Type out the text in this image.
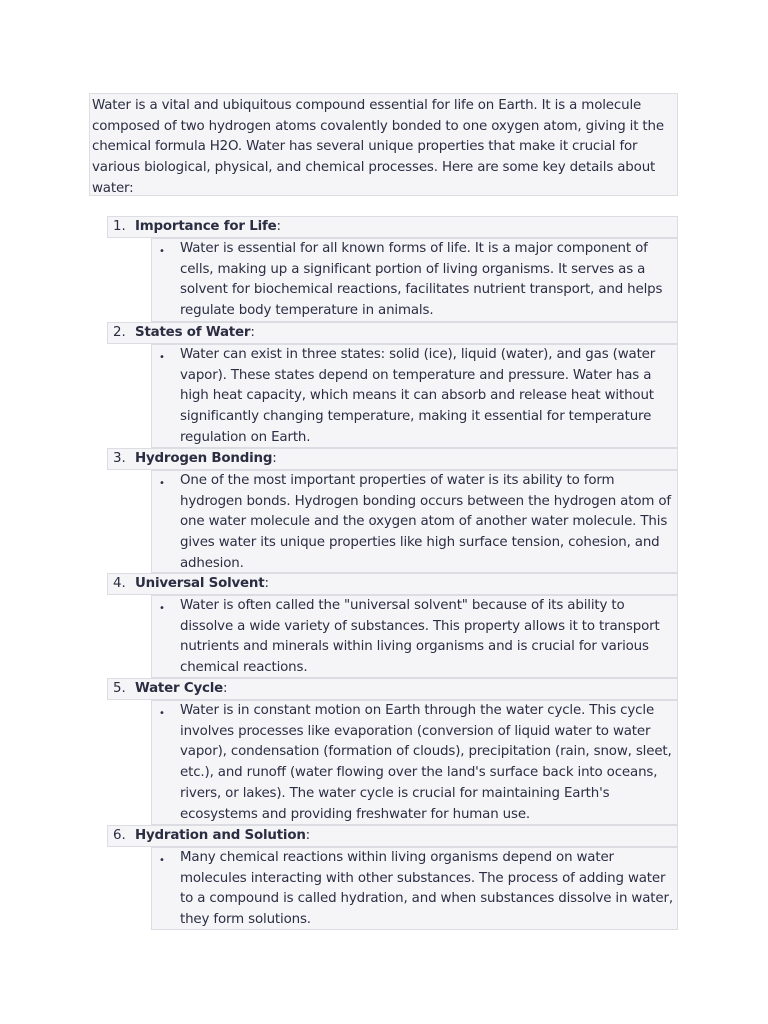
Water is a vital and ubiquitous compound essential for life on Earth. It is a molecule composed of two hydrogen atoms covalently bonded to one oxygen atom, giving it the chemical formula H2O. Water has several unique properties that make it crucial for various biological, physical, and chemical processes. Here are some key details about water:
1. Importance for Life:
• Water is essential for all known forms of life. It is a major component of cells, making up a significant portion of living organisms. It serves as a solvent for biochemical reactions, facilitates nutrient transport, and helps regulate body temperature in animals.
2. States of Water:
• Water can exist in three states: solid (ice), liquid (water), and gas (water vapor). These states depend on temperature and pressure. Water has a high heat capacity, which means it can absorb and release heat without significantly changing temperature, making it essential for temperature regulation on Earth.
3. Hydrogen Bonding:
• One of the most important properties of water is its ability to form hydrogen bonds. Hydrogen bonding occurs between the hydrogen atom of one water molecule and the oxygen atom of another water molecule. This gives water its unique properties like high surface tension, cohesion, and adhesion.
4. Universal Solvent:
• Water is often called the "universal solvent" because of its ability to dissolve a wide variety of substances. This property allows it to transport nutrients and minerals within living organisms and is crucial for various chemical reactions.
5. Water Cycle:
• Water is in constant motion on Earth through the water cycle. This cycle involves processes like evaporation (conversion of liquid water to water vapor), condensation (formation of clouds), precipitation (rain, snow, sleet, etc.), and runoff (water flowing over the land's surface back into oceans, rivers, or lakes). The water cycle is crucial for maintaining Earth's ecosystems and providing freshwater for human use.
6. Hydration and Solution:
• Many chemical reactions within living organisms depend on water molecules interacting with other substances. The process of adding water to a compound is called hydration, and when substances dissolve in water, they form solutions.
